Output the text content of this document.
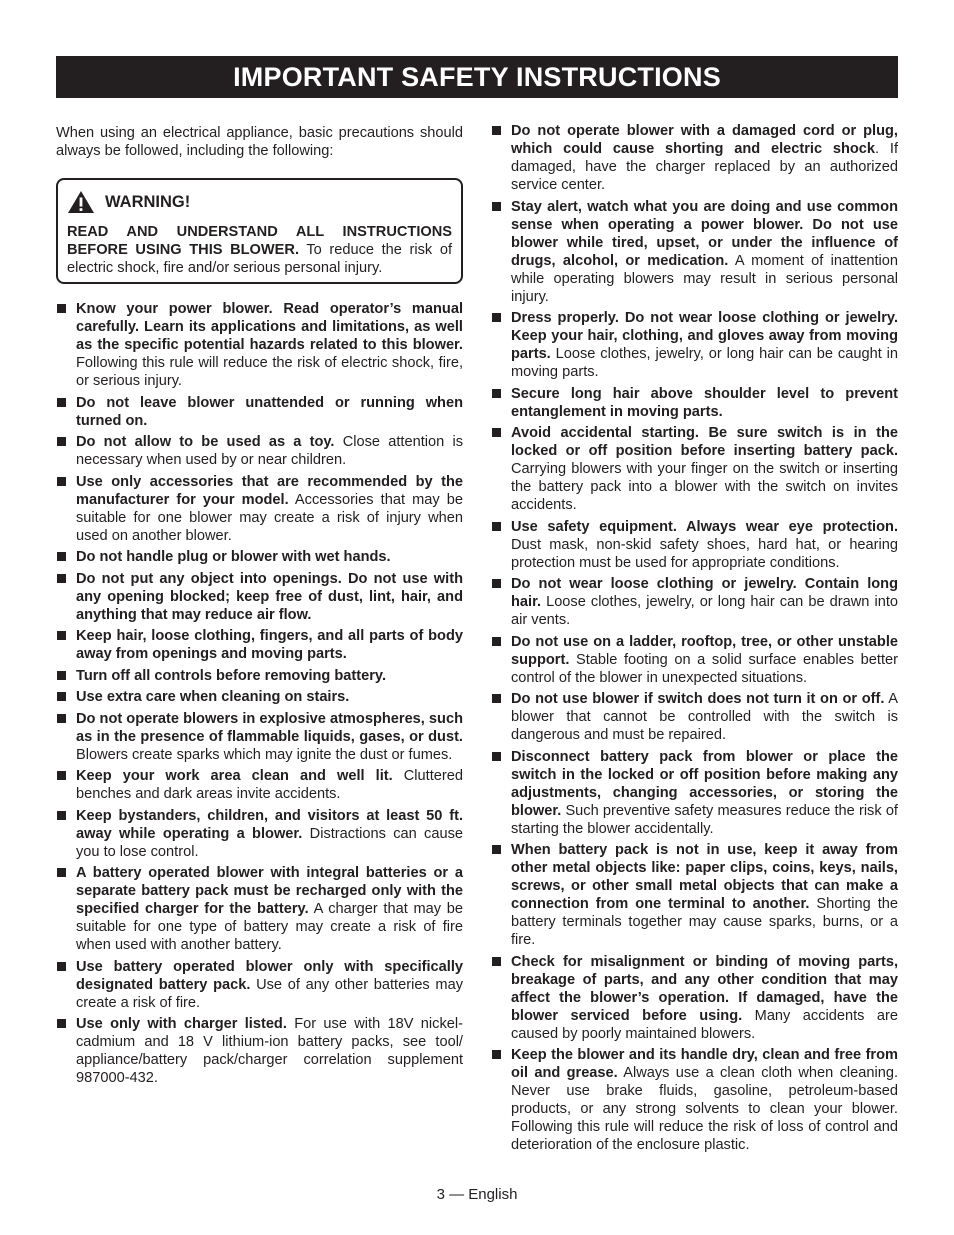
IMPORTANT SAFETY INSTRUCTIONS

When using an electrical appliance, basic precautions should always be followed, including the following:

WARNING!
READ AND UNDERSTAND ALL INSTRUCTIONS BEFORE USING THIS BLOWER. To reduce the risk of electric shock, fire and/or serious personal injury.
Know your power blower. Read operator’s manual carefully. Learn its applications and limitations, as well as the specific potential hazards related to this blower. Following this rule will reduce the risk of electric shock, fire, or serious injury.
Do not leave blower unattended or running when turned on.
Do not allow to be used as a toy. Close attention is necessary when used by or near children.
Use only accessories that are recommended by the manufacturer for your model. Accessories that may be suitable for one blower may create a risk of injury when used on another blower.
Do not handle plug or blower with wet hands.
Do not put any object into openings. Do not use with any opening blocked; keep free of dust, lint, hair, and anything that may reduce air flow.
Keep hair, loose clothing, fingers, and all parts of body away from openings and moving parts.
Turn off all controls before removing battery.
Use extra care when cleaning on stairs.
Do not operate blowers in explosive atmospheres, such as in the presence of flammable liquids, gases, or dust. Blowers create sparks which may ignite the dust or fumes.
Keep your work area clean and well lit. Cluttered benches and dark areas invite accidents.
Keep bystanders, children, and visitors at least 50 ft. away while operating a blower. Distractions can cause you to lose control.
A battery operated blower with integral batteries or a separate battery pack must be recharged only with the specified charger for the battery. A charger that may be suitable for one type of battery may create a risk of fire when used with another battery.
Use battery operated blower only with specifically designated battery pack. Use of any other batteries may create a risk of fire.
Use only with charger listed. For use with 18V nickel-cadmium and 18 V lithium-ion battery packs, see tool/ appliance/battery pack/charger correlation supplement 987000-432.
Do not operate blower with a damaged cord or plug, which could cause shorting and electric shock. If damaged, have the charger replaced by an authorized service center.
Stay alert, watch what you are doing and use common sense when operating a power blower. Do not use blower while tired, upset, or under the influence of drugs, alcohol, or medication. A moment of inattention while operating blowers may result in serious personal injury.
Dress properly. Do not wear loose clothing or jewelry. Keep your hair, clothing, and gloves away from moving parts. Loose clothes, jewelry, or long hair can be caught in moving parts.
Secure long hair above shoulder level to prevent entanglement in moving parts.
Avoid accidental starting. Be sure switch is in the locked or off position before inserting battery pack. Carrying blowers with your finger on the switch or inserting the battery pack into a blower with the switch on invites accidents.
Use safety equipment. Always wear eye protection. Dust mask, non-skid safety shoes, hard hat, or hearing protection must be used for appropriate conditions.
Do not wear loose clothing or jewelry. Contain long hair. Loose clothes, jewelry, or long hair can be drawn into air vents.
Do not use on a ladder, rooftop, tree, or other unstable support. Stable footing on a solid surface enables better control of the blower in unexpected situations.
Do not use blower if switch does not turn it on or off. A blower that cannot be controlled with the switch is dangerous and must be repaired.
Disconnect battery pack from blower or place the switch in the locked or off position before making any adjustments, changing accessories, or storing the blower. Such preventive safety measures reduce the risk of starting the blower accidentally.
When battery pack is not in use, keep it away from other metal objects like: paper clips, coins, keys, nails, screws, or other small metal objects that can make a connection from one terminal to another. Shorting the battery terminals together may cause sparks, burns, or a fire.
Check for misalignment or binding of moving parts, breakage of parts, and any other condition that may affect the blower’s operation. If damaged, have the blower serviced before using. Many accidents are caused by poorly maintained blowers.
Keep the blower and its handle dry, clean and free from oil and grease. Always use a clean cloth when cleaning. Never use brake fluids, gasoline, petroleum-based products, or any strong solvents to clean your blower. Following this rule will reduce the risk of loss of control and deterioration of the enclosure plastic.
3 — English
